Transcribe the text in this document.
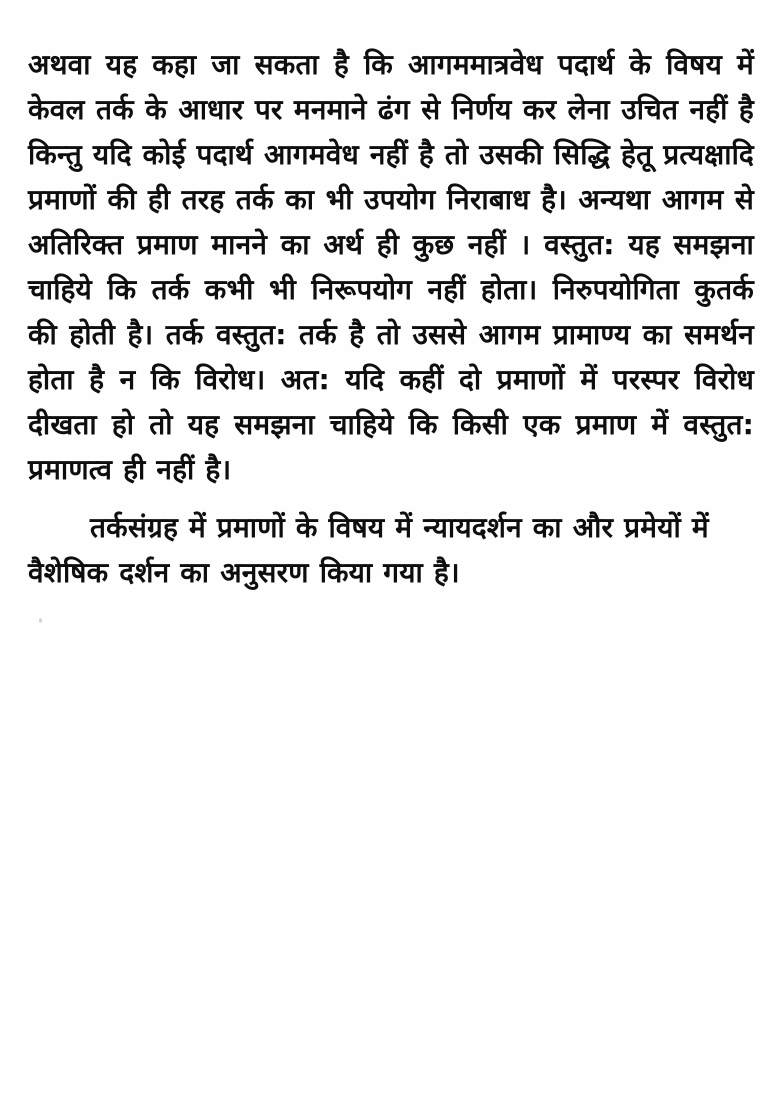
अथवा यह कहा जा सकता है कि आगममात्रवेध पदार्थ के विषय में केवल तर्क के आधार पर मनमाने ढंग से निर्णय कर लेना उचित नहीं है किन्तु यदि कोई पदार्थ आगमवेध नहीं है तो उसकी सिद्धि हेतू प्रत्यक्षादि प्रमाणों की ही तरह तर्क का भी उपयोग निराबाध है। अन्यथा आगम से अतिरिक्त प्रमाण मानने का अर्थ ही कुछ नहीं । वस्तुत: यह समझना चाहिये कि तर्क कभी भी निरूपयोग नहीं होता। निरुपयोगिता कुतर्क की होती है। तर्क वस्तुत: तर्क है तो उससे आगम प्रामाण्य का समर्थन होता है न कि विरोध। अत: यदि कहीं दो प्रमाणों में परस्पर विरोध दीखता हो तो यह समझना चाहिये कि किसी एक प्रमाण में वस्तुत: प्रमाणत्व ही नहीं है।

तर्कसंग्रह में प्रमाणों के विषय में न्यायदर्शन का और प्रमेयों में वैशेषिक दर्शन का अनुसरण किया गया है।
